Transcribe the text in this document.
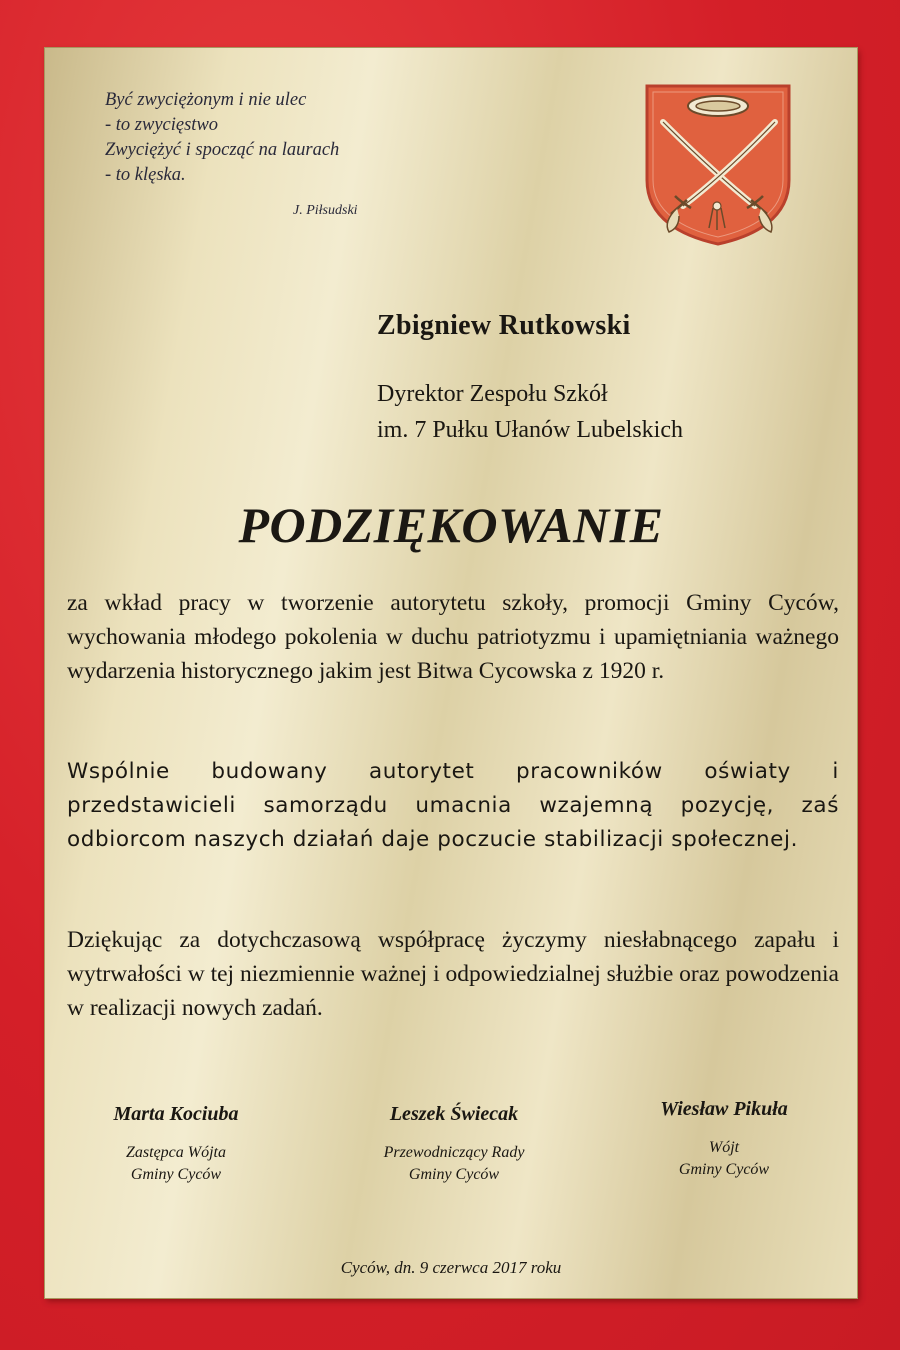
Być zwyciężonym i nie ulec
- to zwycięstwo
Zwyciężyć i spocząć na laurach
- to klęska.
J. Piłsudski
Zbigniew Rutkowski
Dyrektor Zespołu Szkół
im. 7 Pułku Ułanów Lubelskich
PODZIĘKOWANIE
za wkład pracy w tworzenie autorytetu szkoły, promocji Gminy Cyców, wychowania młodego pokolenia w duchu patriotyzmu i upamiętniania ważnego wydarzenia historycznego jakim jest Bitwa Cycowska z 1920 r.
Wspólnie budowany autorytet pracowników oświaty i przedstawicieli samorządu umacnia wzajemną pozycję, zaś odbiorcom naszych działań daje poczucie stabilizacji społecznej.
Dziękując za dotychczasową współpracę życzymy niesłabnącego zapału i wytrwałości w tej niezmiennie ważnej i odpowiedzialnej służbie oraz powodzenia w realizacji nowych zadań.
Marta Kociuba
Zastępca Wójta
Gminy Cyców
Leszek Świecak
Przewodniczący Rady
Gminy Cyców
Wiesław Pikuła
Wójt
Gminy Cyców
Cyców, dn. 9 czerwca 2017 roku
